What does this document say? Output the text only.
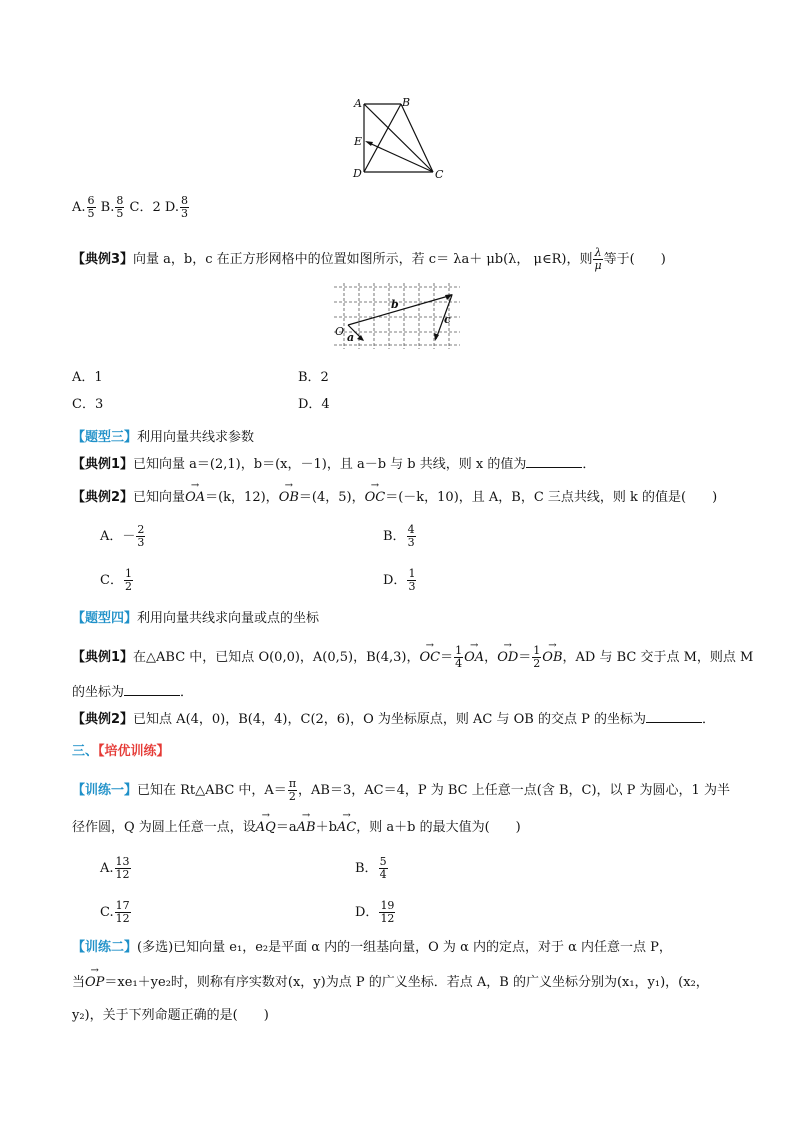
A	B
E
D	C
A. $\frac{6}{5} B$. $\frac{8}{5}$ C．2 D. $\frac{8}{3}$
【典例3】向量 a，b，c 在正方形网格中的位置如图所示，若 c＝ λa＋ μb(λ， μ∈R)，则 $\frac{\lambda}{\mu}$ 等于(　　)
O a
b
c
A．1	B．2
C．3	D．4
【题型三】利用向量共线求参数
【典例1】已知向量 a＝(2,1)，b＝(x，－1)，且 a－b 与 b 共线，则 x 的值为	．
【典例2】已知向量→ OA＝(k，12)，→ OB＝(4，5)，→ OC＝(－k，10)，且 A，B，C 三点共线，则 k 的值是(　　)
A．－ $\frac{2}{3}$	B． $\frac{4}{3}$
C． $\frac{1}{2}$	D． $\frac{1}{3}$
【题型四】利用向量共线求向量或点的坐标
【典例1】在△ABC 中，已知点 O(0,0)，A(0,5)，B(4,3)，→ $OC= \frac{1}{4}$ → OA，→ $OD= \frac{1}{2}$ → OB，AD 与 BC 交于点 M，则点 M
的坐标为	．
【典例2】已知点 A(4，0)，B(4，4)，C(2，6)，O 为坐标原点，则 AC 与 OB 的交点 P 的坐标为	．
三、【培优训练】
【训练一】已知在 Rt△ABC 中，$A= \frac{\pi}{2}$ ，AB＝3，AC＝4，P 为 BC 上任意一点(含 B，C)，以 P 为圆心，1 为半
径作圆，Q 为圆上任意一点，设→ AQ＝a→ AB＋b→ AC，则 a＋b 的最大值为(　　)
A. $\frac{13}{12}$	B． $\frac{5}{4}$
C. $\frac{17}{12}$	D． $\frac{19}{12}$
【训练二】(多选)已知向量 e₁，e₂是平面 α 内的一组基向量，O 为 α 内的定点，对于 α 内任意一点 P，
当→ OP＝xe₁＋ye₂时，则称有序实数对(x，y)为点 P 的广义坐标．若点 A，B 的广义坐标分别为(x₁，y₁)，(x₂，
y₂)，关于下列命题正确的是(　　)
